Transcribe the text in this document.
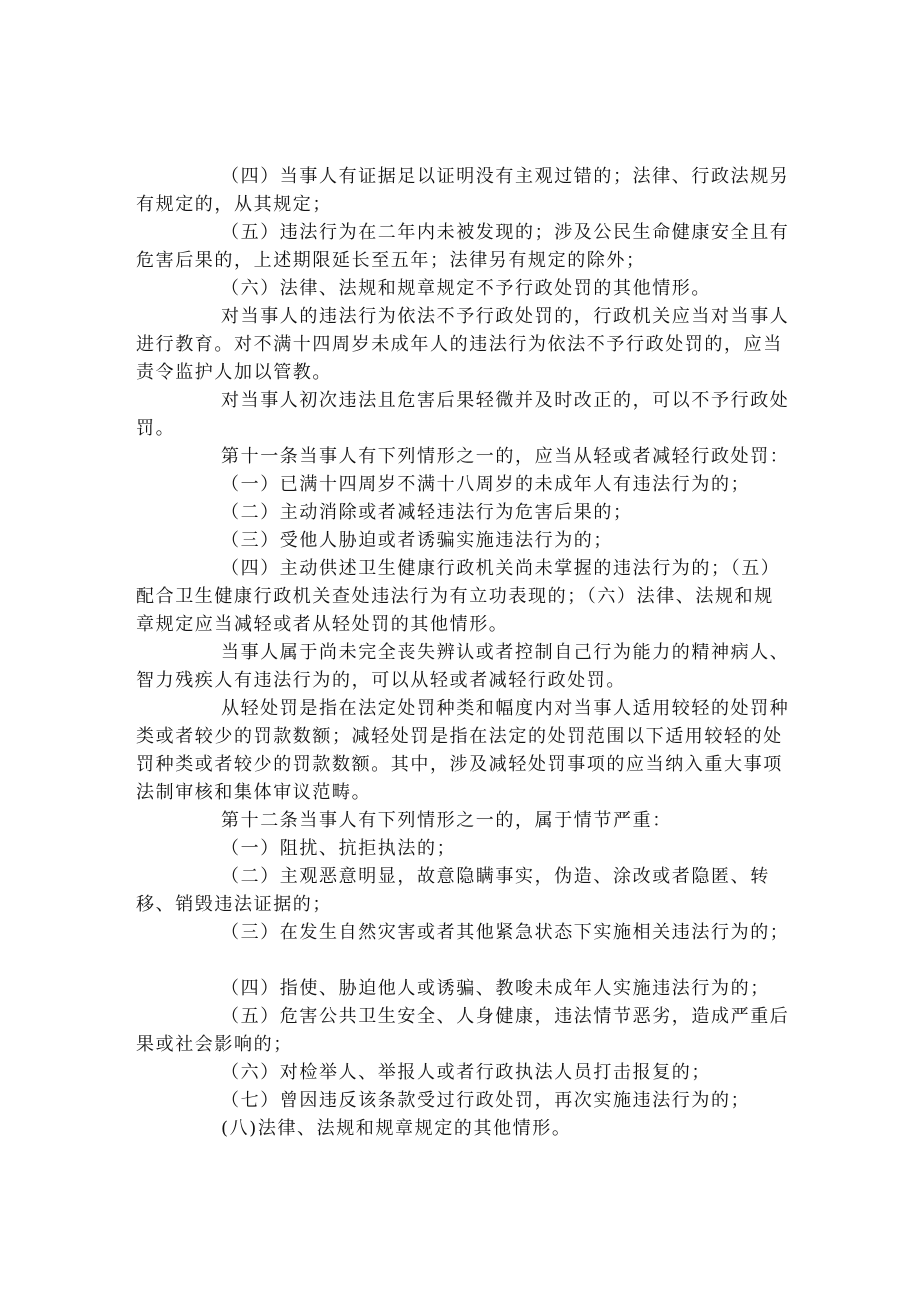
（四）当事人有证据足以证明没有主观过错的；法律、行政法规另有规定的，从其规定；

（五）违法行为在二年内未被发现的；涉及公民生命健康安全且有危害后果的，上述期限延长至五年；法律另有规定的除外；

（六）法律、法规和规章规定不予行政处罚的其他情形。

对当事人的违法行为依法不予行政处罚的，行政机关应当对当事人进行教育。对不满十四周岁未成年人的违法行为依法不予行政处罚的，应当责令监护人加以管教。

对当事人初次违法且危害后果轻微并及时改正的，可以不予行政处罚。

第十一条当事人有下列情形之一的，应当从轻或者减轻行政处罚：

（一）已满十四周岁不满十八周岁的未成年人有违法行为的；

（二）主动消除或者减轻违法行为危害后果的；

（三）受他人胁迫或者诱骗实施违法行为的；

（四）主动供述卫生健康行政机关尚未掌握的违法行为的；（五）配合卫生健康行政机关查处违法行为有立功表现的；（六）法律、法规和规章规定应当减轻或者从轻处罚的其他情形。

当事人属于尚未完全丧失辨认或者控制自己行为能力的精神病人、智力残疾人有违法行为的，可以从轻或者减轻行政处罚。

从轻处罚是指在法定处罚种类和幅度内对当事人适用较轻的处罚种类或者较少的罚款数额；减轻处罚是指在法定的处罚范围以下适用较轻的处罚种类或者较少的罚款数额。其中，涉及减轻处罚事项的应当纳入重大事项法制审核和集体审议范畴。

第十二条当事人有下列情形之一的，属于情节严重：

（一）阻扰、抗拒执法的；

（二）主观恶意明显，故意隐瞒事实，伪造、涂改或者隐匿、转移、销毁违法证据的；

（三）在发生自然灾害或者其他紧急状态下实施相关违法行为的；

（四）指使、胁迫他人或诱骗、教唆未成年人实施违法行为的；

（五）危害公共卫生安全、人身健康，违法情节恶劣，造成严重后果或社会影响的；

（六）对检举人、举报人或者行政执法人员打击报复的；

（七）曾因违反该条款受过行政处罚，再次实施违法行为的；

(八)法律、法规和规章规定的其他情形。
